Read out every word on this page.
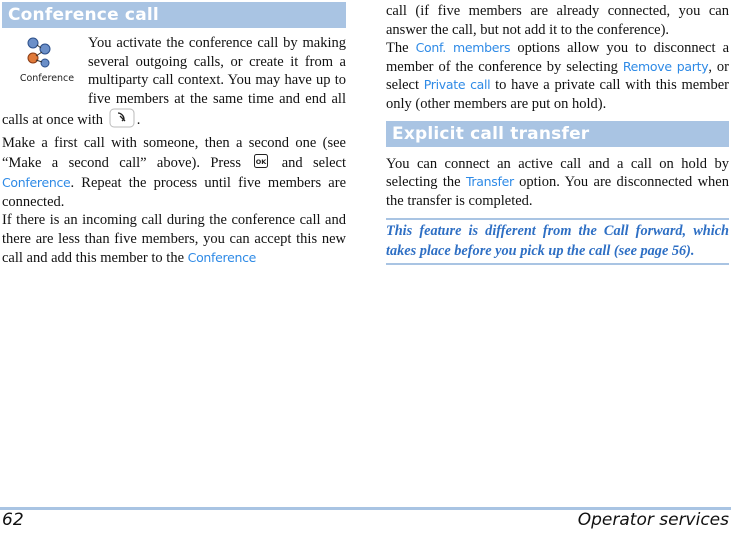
Conference call
Conference

You activate the conference call by making several outgoing calls, or create it from a multiparty call context. You may have up to five members at the same time and end all calls at once with .

Make a first call with someone, then a second one (see “Make a second call” above). Press OK and select Conference. Repeat the process until five members are connected.

If there is an incoming call during the conference call and there are less than five members, you can accept this new call and add this member to the Conference

call (if five members are already connected, you can answer the call, but not add it to the conference).

The Conf. members options allow you to disconnect a member of the conference by selecting Remove party, or select Private call to have a private call with this member only (other members are put on hold).

Explicit call transfer

You can connect an active call and a call on hold by selecting the Transfer option. You are disconnected when the transfer is completed.

This feature is different from the Call forward, which takes place before you pick up the call (see page 56).
62	Operator services
